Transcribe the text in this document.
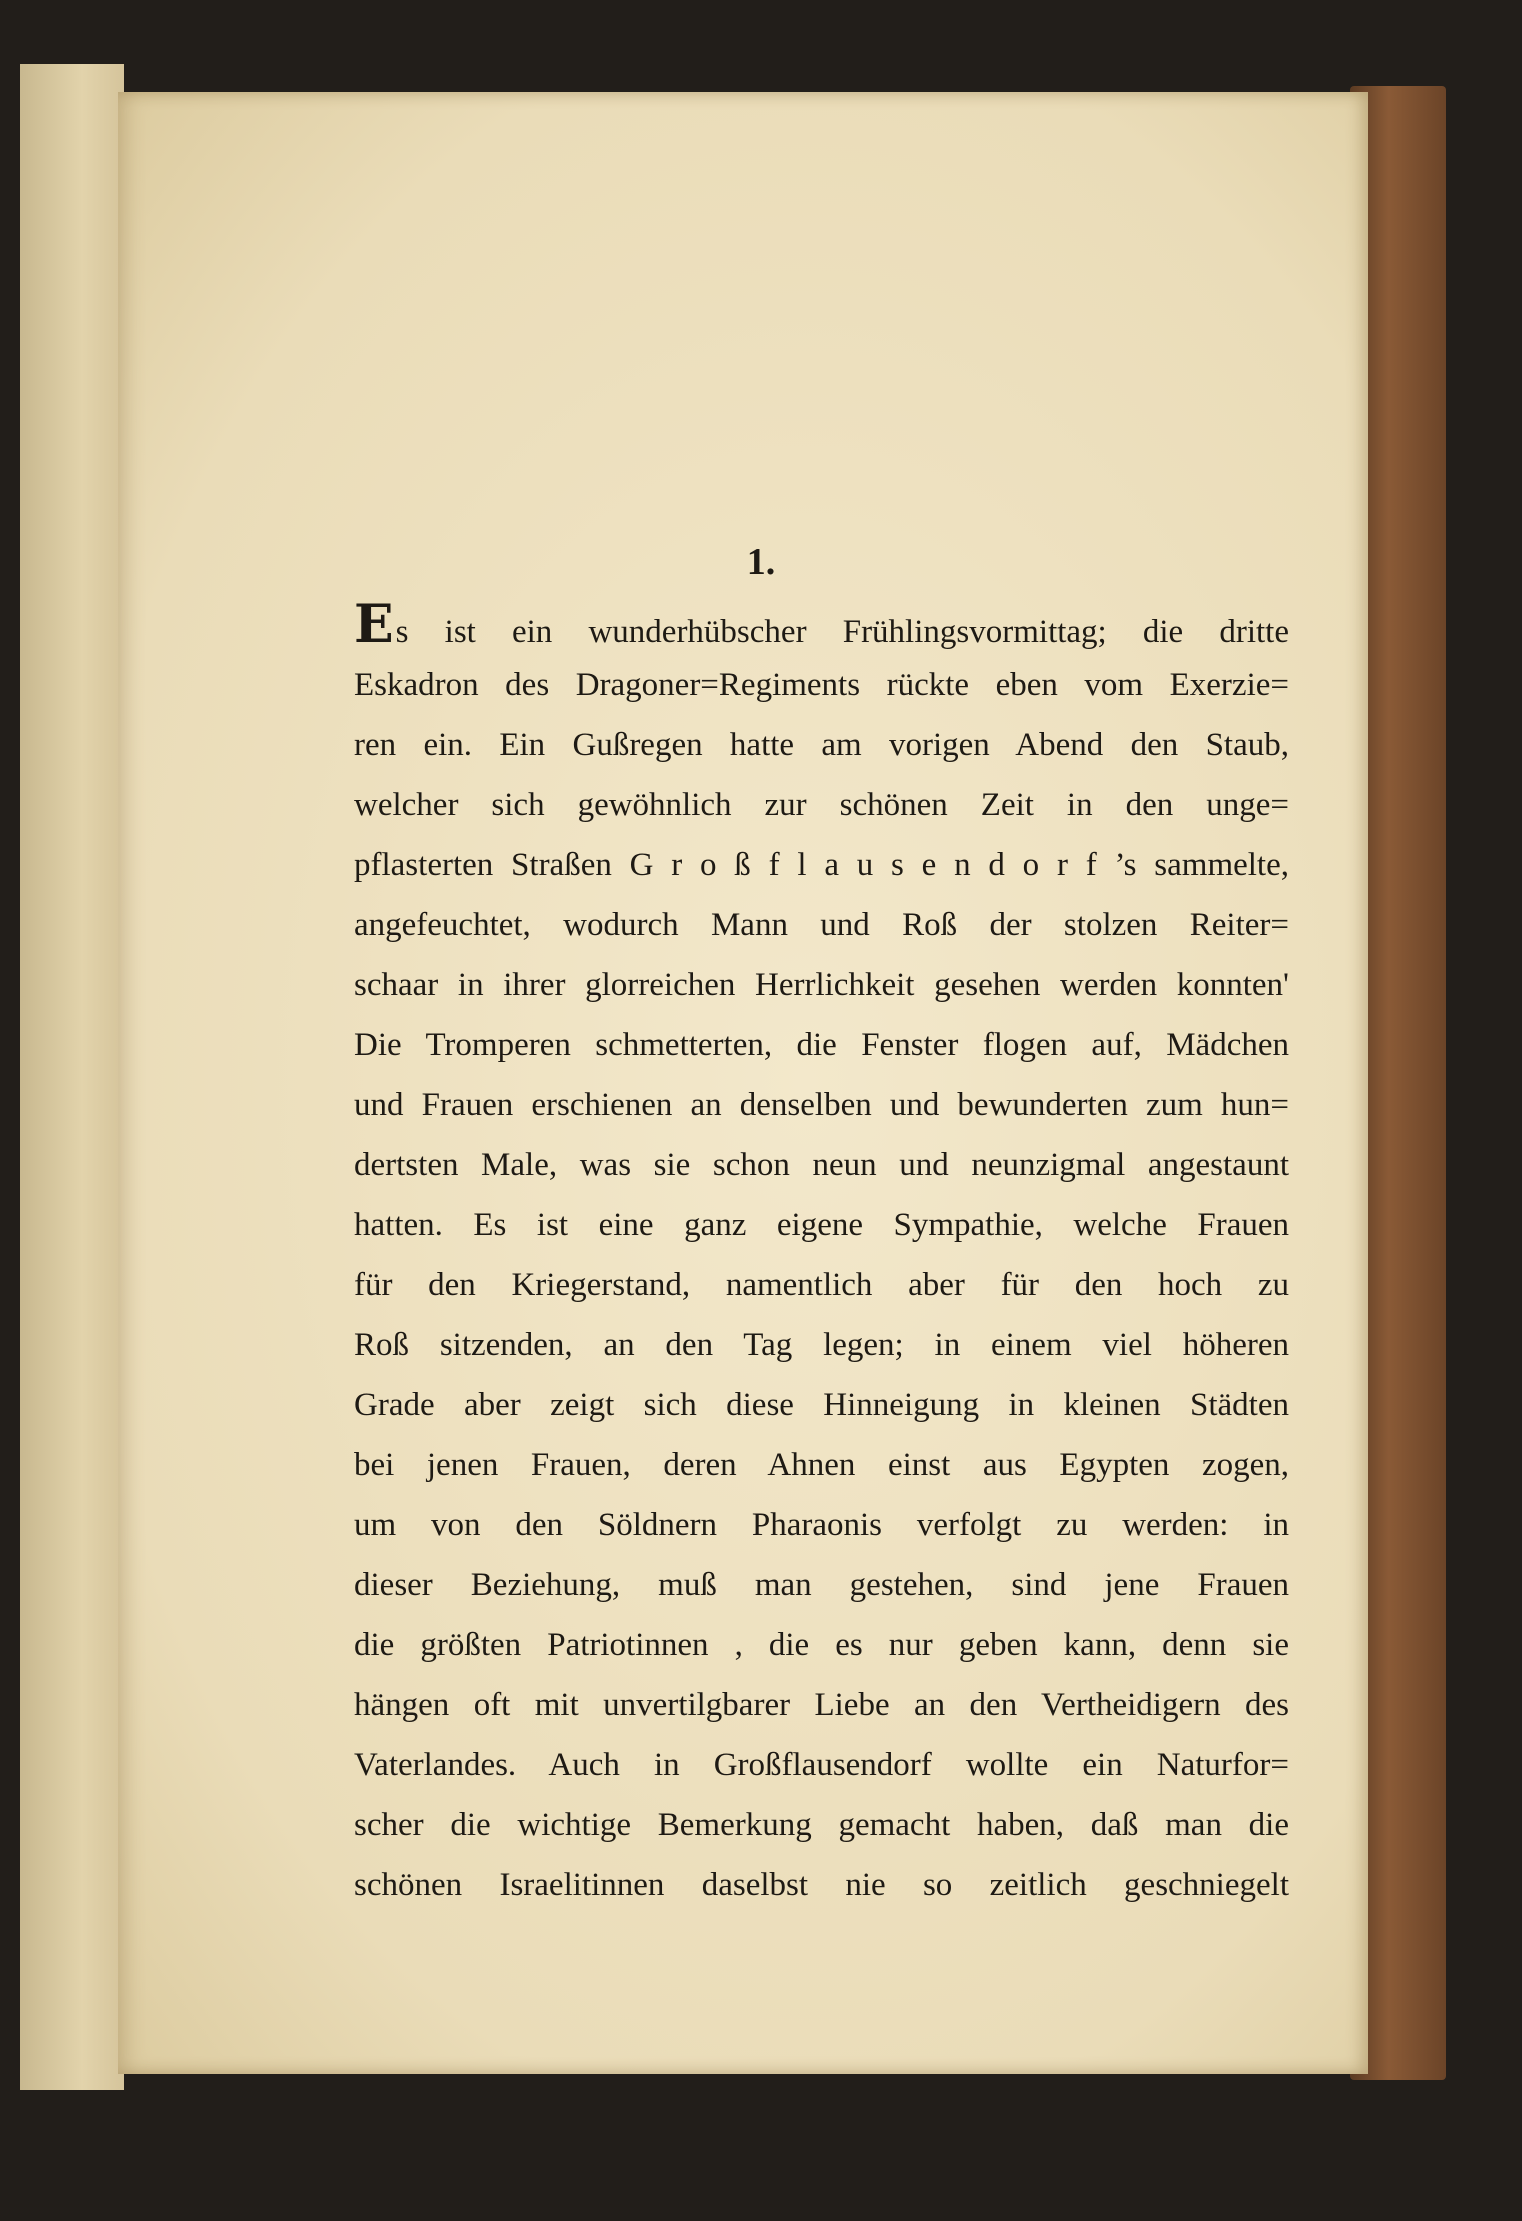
1.
Es ist ein wunderhübscher Frühlingsvormittag; die dritte
Eskadron des Dragoner=Regiments rückte eben vom Exerzie=
ren ein. Ein Gußregen hatte am vorigen Abend den Staub,
welcher sich gewöhnlich zur schönen Zeit in den unge=
pflasterten Straßen G r o ß f l a u s e n d o r f ’s sammelte,
angefeuchtet, wodurch Mann und Roß der stolzen Reiter=
schaar in ihrer glorreichen Herrlichkeit gesehen werden konnten'
Die Tromperen schmetterten, die Fenster flogen auf, Mädchen
und Frauen erschienen an denselben und bewunderten zum hun=
dertsten Male, was sie schon neun und neunzigmal angestaunt
hatten. Es ist eine ganz eigene Sympathie, welche Frauen
für den Kriegerstand, namentlich aber für den hoch zu
Roß sitzenden, an den Tag legen; in einem viel höheren
Grade aber zeigt sich diese Hinneigung in kleinen Städten
bei jenen Frauen, deren Ahnen einst aus Egypten zogen,
um von den Söldnern Pharaonis verfolgt zu werden: in
dieser Beziehung, muß man gestehen, sind jene Frauen
die größten Patriotinnen , die es nur geben kann, denn sie
hängen oft mit unvertilgbarer Liebe an den Vertheidigern des
Vaterlandes. Auch in Großflausendorf wollte ein Naturfor=
scher die wichtige Bemerkung gemacht haben, daß man die
schönen Israelitinnen daselbst nie so zeitlich geschniegelt
